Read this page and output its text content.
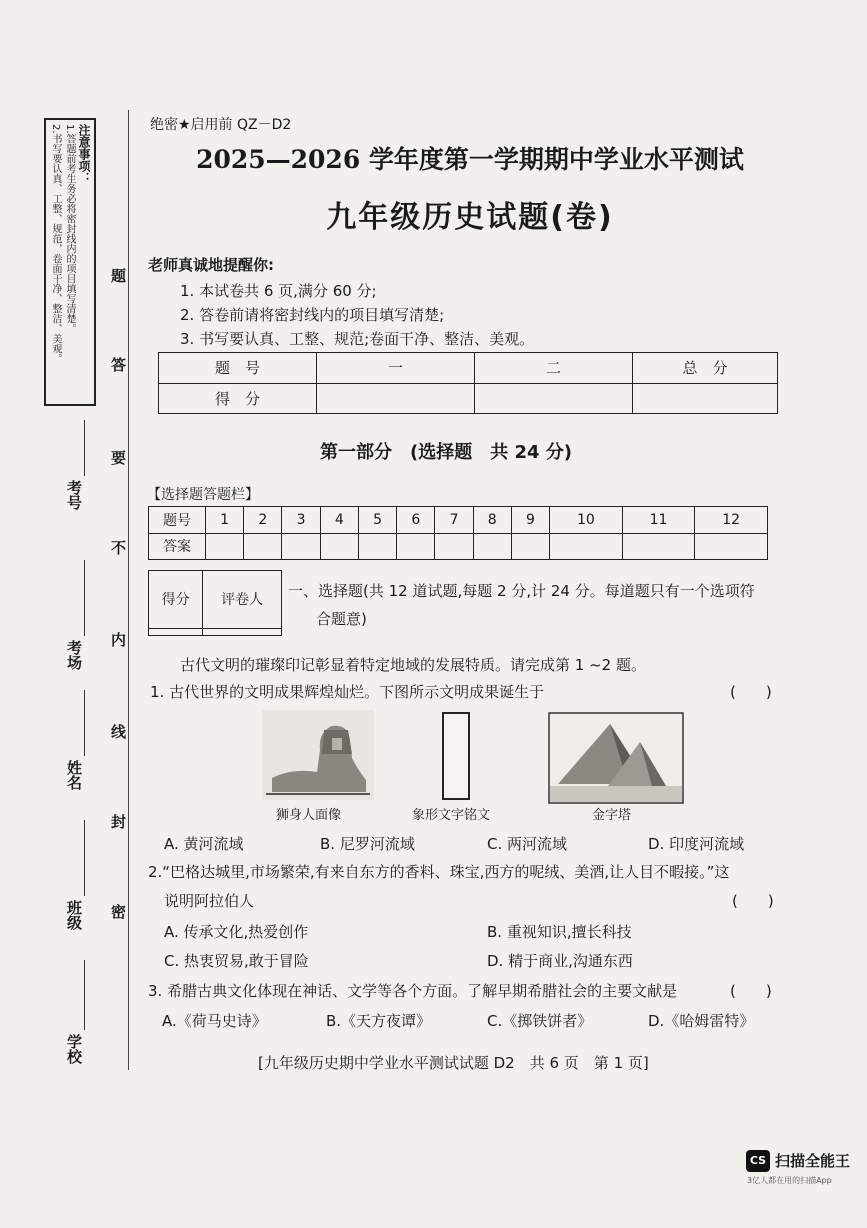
注意事项：
1.答题前考生务必将密封线内的项目填写清楚。
2.书写要认真、工整、规范，卷面干净、整洁、美观。	题
答
要
不
内
线
封
密
考号
考场
姓名
班级
学校
绝密★启用前 QZ－D2
2025—2026 学年度第一学期期中学业水平测试
九年级历史试题(卷)
老师真诚地提醒你:
1. 本试卷共 6 页,满分 60 分;
2. 答卷前请将密封线内的项目填写清楚;
3. 书写要认真、工整、规范;卷面干净、整洁、美观。
题　号	一	二	总　分
得　分			
第一部分　(选择题　共 24 分)
【选择题答题栏】
题号	1	2	3	4	5	6	7	8	9	10	11	12
答案												
得分	评卷人

一、选择题(共 12 道试题,每题 2 分,计 24 分。每道题只有一个选项符
合题意)
古代文明的璀璨印记彰显着特定地域的发展特质。请完成第 1 ~2 题。
1. 古代世界的文明成果辉煌灿烂。下图所示文明成果诞生于	(　　)
狮身人面像	象形文字铭文	金字塔
A. 黄河流域	B. 尼罗河流域	C. 两河流域	D. 印度河流域
2.“巴格达城里,市场繁荣,有来自东方的香料、珠宝,西方的呢绒、美酒,让人目不暇接。”这
说明阿拉伯人	(　　)
A. 传承文化,热爱创作	B. 重视知识,擅长科技
C. 热衷贸易,敢于冒险	D. 精于商业,沟通东西
3. 希腊古典文化体现在神话、文学等各个方面。了解早期希腊社会的主要文献是	(　　)
A.《荷马史诗》	B.《天方夜谭》	C.《掷铁饼者》	D.《哈姆雷特》
[九年级历史期中学业水平测试试题 D2　共 6 页　第 1 页]
CS 扫描全能王
3亿人都在用的扫描App
